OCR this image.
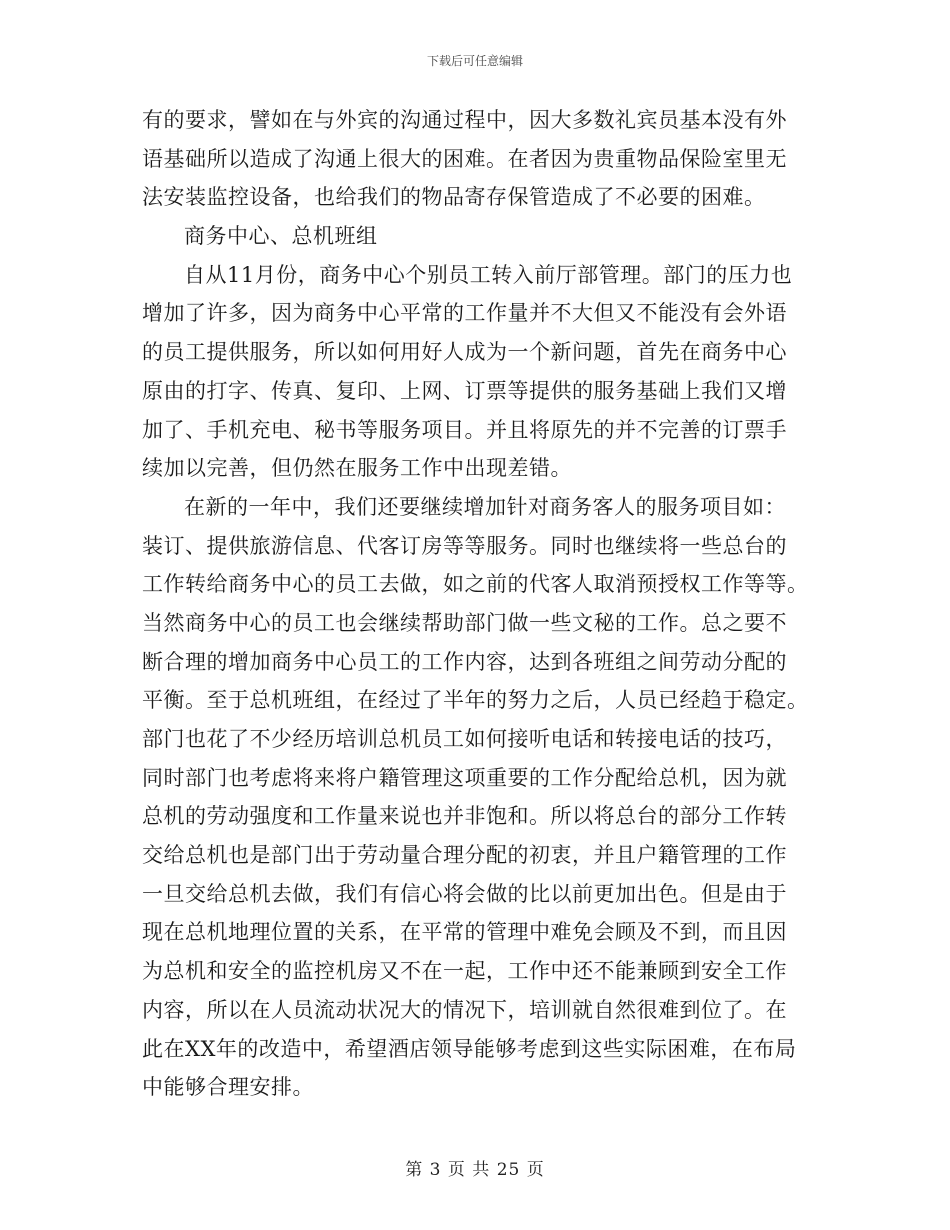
下载后可任意编辑
有的要求，譬如在与外宾的沟通过程中，因大多数礼宾员基本没有外
语基础所以造成了沟通上很大的困难。在者因为贵重物品保险室里无
法安装监控设备，也给我们的物品寄存保管造成了不必要的困难。
商务中心、总机班组
自从11月份，商务中心个别员工转入前厅部管理。部门的压力也
增加了许多，因为商务中心平常的工作量并不大但又不能没有会外语
的员工提供服务，所以如何用好人成为一个新问题，首先在商务中心
原由的打字、传真、复印、上网、订票等提供的服务基础上我们又增
加了、手机充电、秘书等服务项目。并且将原先的并不完善的订票手
续加以完善，但仍然在服务工作中出现差错。
在新的一年中，我们还要继续增加针对商务客人的服务项目如：
装订、提供旅游信息、代客订房等等服务。同时也继续将一些总台的
工作转给商务中心的员工去做，如之前的代客人取消预授权工作等等。
当然商务中心的员工也会继续帮助部门做一些文秘的工作。总之要不
断合理的增加商务中心员工的工作内容，达到各班组之间劳动分配的
平衡。至于总机班组，在经过了半年的努力之后，人员已经趋于稳定。
部门也花了不少经历培训总机员工如何接听电话和转接电话的技巧，
同时部门也考虑将来将户籍管理这项重要的工作分配给总机，因为就
总机的劳动强度和工作量来说也并非饱和。所以将总台的部分工作转
交给总机也是部门出于劳动量合理分配的初衷，并且户籍管理的工作
一旦交给总机去做，我们有信心将会做的比以前更加出色。但是由于
现在总机地理位置的关系，在平常的管理中难免会顾及不到，而且因
为总机和安全的监控机房又不在一起，工作中还不能兼顾到安全工作
内容，所以在人员流动状况大的情况下，培训就自然很难到位了。在
此在XX年的改造中，希望酒店领导能够考虑到这些实际困难，在布局
中能够合理安排。
第 3 页 共 25 页
